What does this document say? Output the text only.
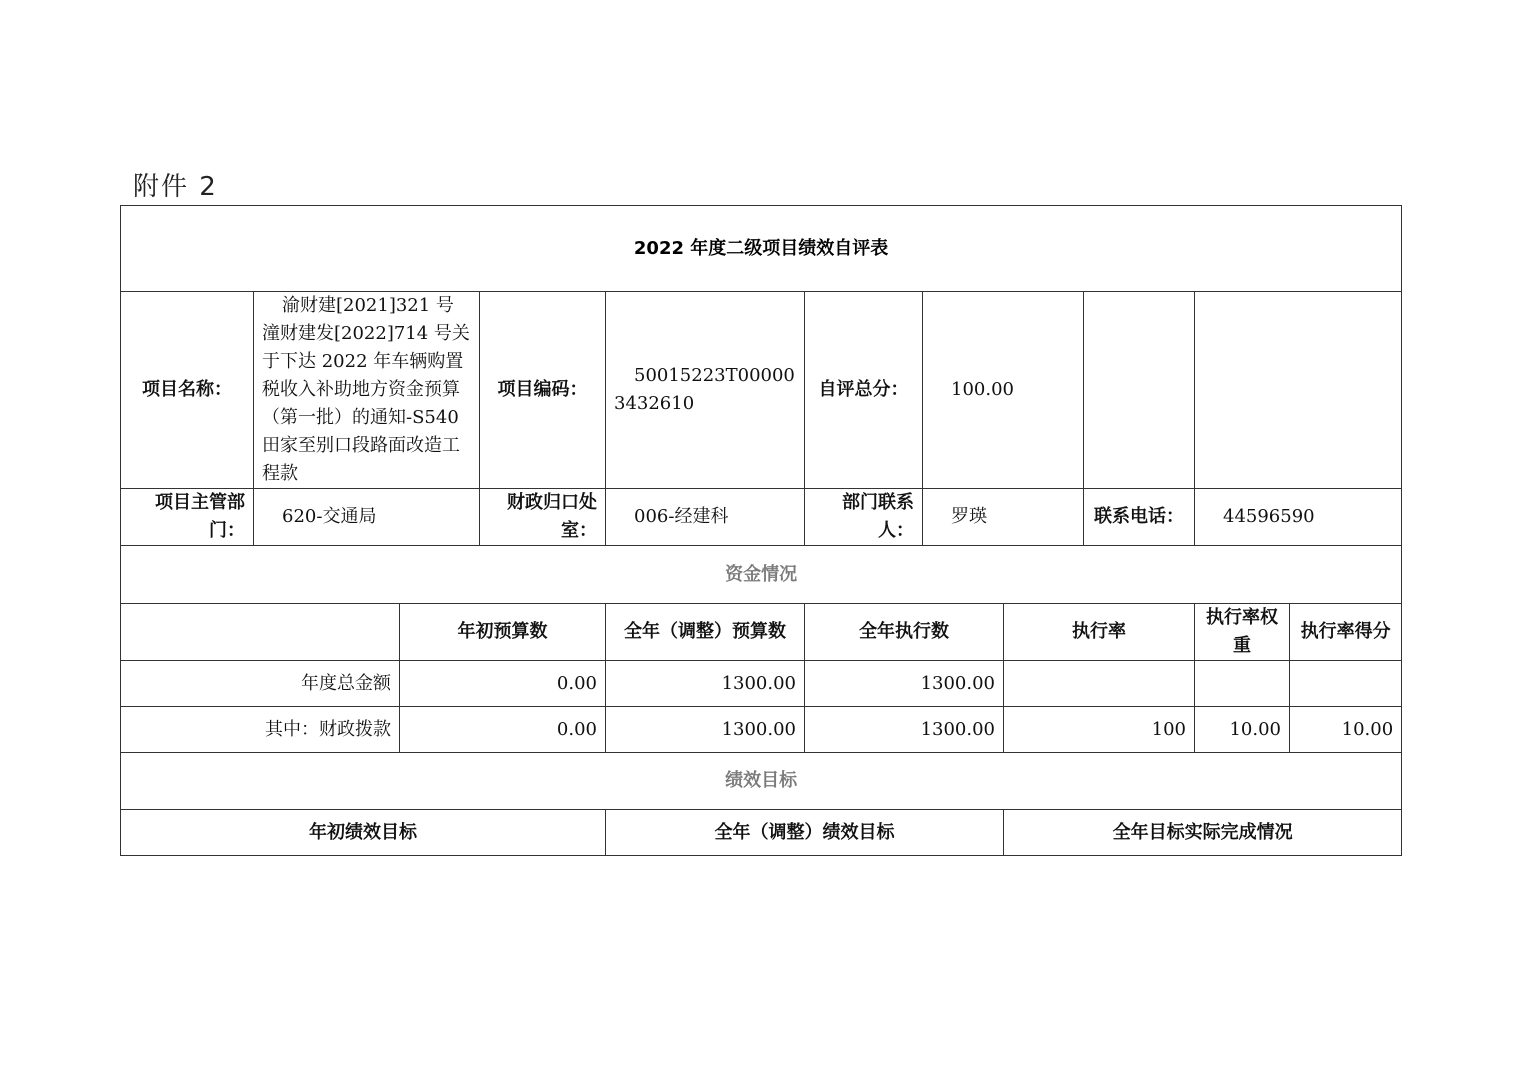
附件 2
2022 年度二级项目绩效自评表										
项目名称：	渝财建[2021]321 号潼财建发[2022]714 号关于下达 2022 年车辆购置税收入补助地方资金预算（第一批）的通知-S540 田家至别口段路面改造工程款		项目编码：	50015223T000003432610	自评总分：	100.00				
项目主管部门：	620-交通局		财政归口处室：	006-经建科	部门联系人：	罗瑛		联系电话：	44596590	
资金情况										
		年初预算数		全年（调整）预算数	全年执行数		执行率		执行率权重	执行率得分
年度总金额		0.00		1300.00	1300.00					
其中：财政拨款		0.00		1300.00	1300.00		100		10.00	10.00
绩效目标										
年初绩效目标				全年（调整）绩效目标			全年目标实际完成情况			
